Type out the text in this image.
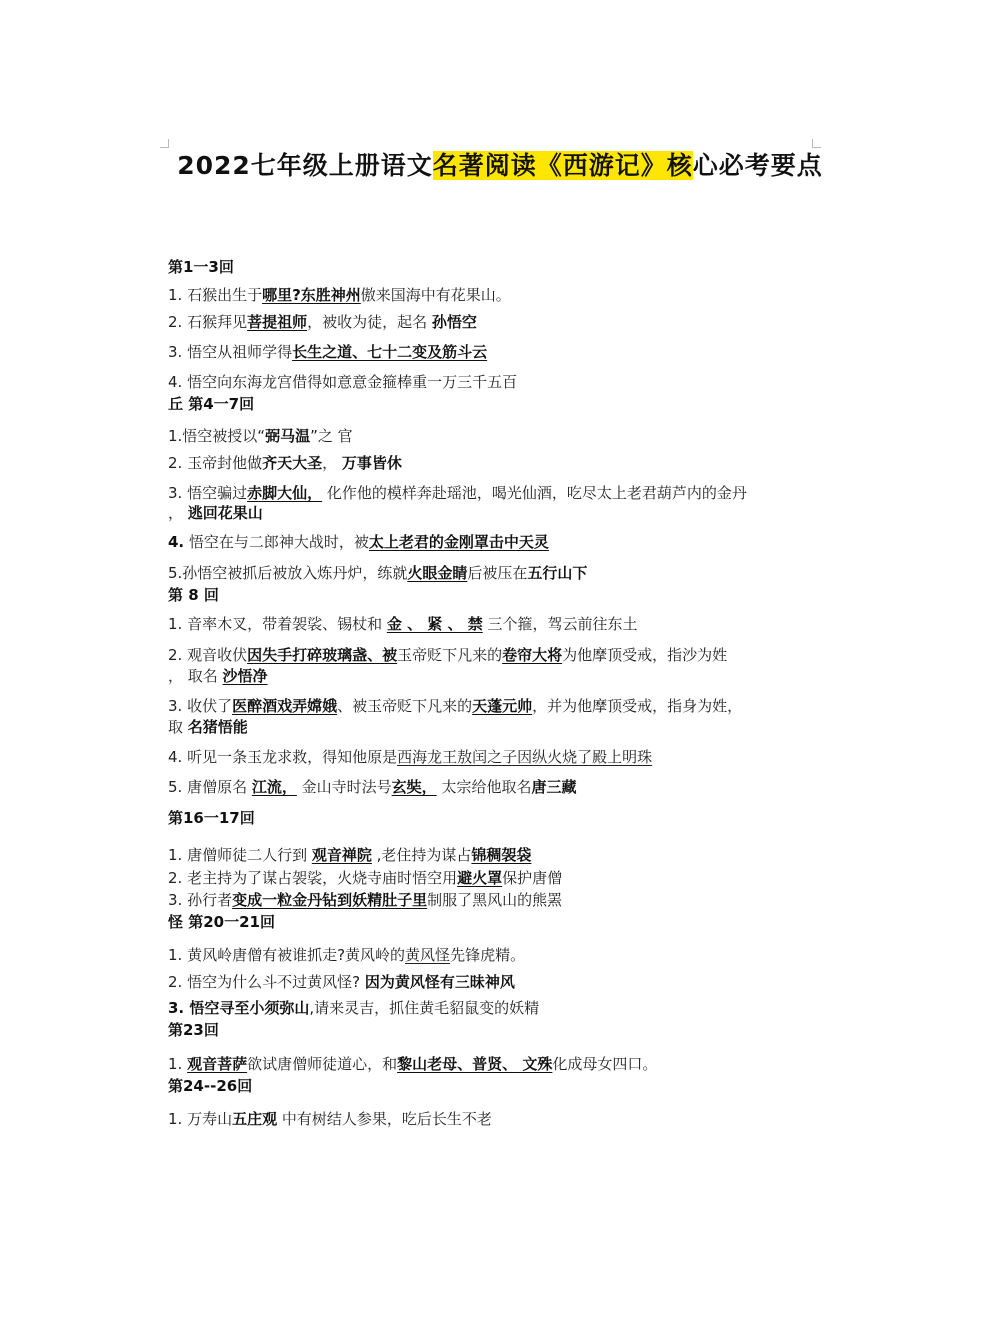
2022七年级上册语文名著阅读《西游记》核心必考要点
第1一3回
1. 石猴出生于哪里?东胜神州傲来国海中有花果山。
2. 石猴拜见菩提祖师，被收为徒，起名 孙悟空
3. 悟空从祖师学得长生之道、七十二变及筋斗云
4. 悟空向东海龙宫借得如意意金箍棒重一万三千五百
丘 第4一7回
1.悟空被授以“弼马温”之 官
2. 玉帝封他做齐天大圣， 万事皆休
3. 悟空骗过赤脚大仙， 化作他的模样奔赴瑶池，喝光仙酒，吃尽太上老君葫芦内的金丹
， 逃回花果山
4. 悟空在与二郎神大战时，被太上老君的金刚罩击中天灵
5.孙悟空被抓后被放入炼丹炉，练就火眼金睛后被压在五行山下
第 8 回
1. 音率木叉，带着袈裟、锡杖和 金 、 紧 、 禁 三个箍，驾云前往东土
2. 观音收伏因失手打碎玻璃盏、被玉帝贬下凡来的卷帘大将为他摩顶受戒，指沙为姓
， 取名 沙悟净
3. 收伏了医醉酒戏弄嫦娥、被玉帝贬下凡来的天蓬元帅，并为他摩顶受戒，指身为姓，
取 名猪悟能
4. 听见一条玉龙求救，得知他原是西海龙王敖闰之子因纵火烧了殿上明珠
5. 唐僧原名 江流， 金山寺时法号玄奘， 太宗给他取名唐三藏
第16一17回
1. 唐僧师徒二人行到 观音禅院 ,老住持为谋占锦稠袈袋
2. 老主持为了谋占袈裟，火烧寺庙时悟空用避火罩保护唐僧
3. 孙行者变成一粒金丹钻到妖精肚子里制服了黑风山的熊罴
怪 第20一21回
1. 黄风岭唐僧有被谁抓走?黄风岭的黄风怪先锋虎精。
2. 悟空为什么斗不过黄风怪? 因为黄风怪有三昧神风
3. 悟空寻至小须弥山,请来灵吉，抓住黄毛貂鼠变的妖精
第23回
1. 观音菩萨欲试唐僧师徒道心，和黎山老母、普贤、 文殊化成母女四口。
第24--26回
1. 万寿山五庄观 中有树结人参果，吃后长生不老
